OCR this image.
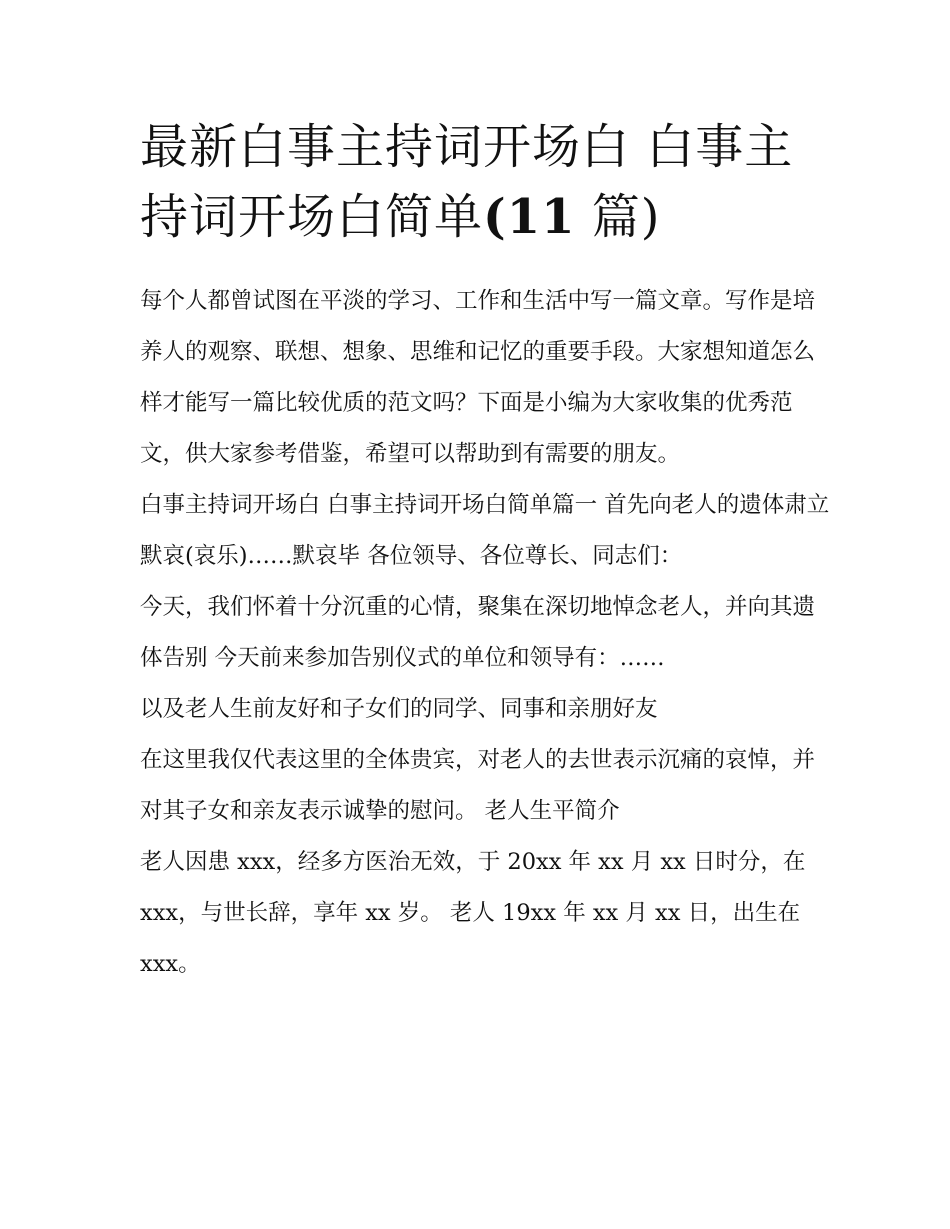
最新白事主持词开场白 白事主持词开场白简单(11 篇)

每个人都曾试图在平淡的学习、工作和生活中写一篇文章。写作是培养人的观察、联想、想象、思维和记忆的重要手段。大家想知道怎么样才能写一篇比较优质的范文吗？下面是小编为大家收集的优秀范文，供大家参考借鉴，希望可以帮助到有需要的朋友。

白事主持词开场白 白事主持词开场白简单篇一 首先向老人的遗体肃立默哀(哀乐)……默哀毕 各位领导、各位尊长、同志们：

今天，我们怀着十分沉重的心情，聚集在深切地悼念老人，并向其遗体告别 今天前来参加告别仪式的单位和领导有：……

以及老人生前友好和子女们的同学、同事和亲朋好友

在这里我仅代表这里的全体贵宾，对老人的去世表示沉痛的哀悼，并对其子女和亲友表示诚挚的慰问。 老人生平简介

老人因患 xxx，经多方医治无效，于 20xx 年 xx 月 xx 日时分，在 xxx，与世长辞，享年 xx 岁。 老人 19xx 年 xx 月 xx 日，出生在 xxx。
